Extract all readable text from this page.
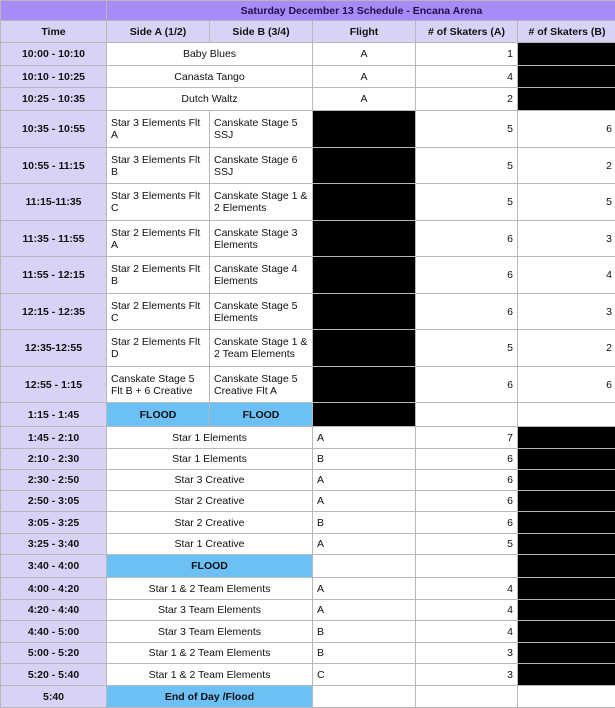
	Saturday December 13 Schedule - Encana Arena				
Time	Side A (1/2)	Side B (3/4)	Flight	# of Skaters (A)	# of Skaters (B)
10:00 - 10:10	Baby Blues		A	1	
10:10 - 10:25	Canasta Tango		A	4	
10:25 - 10:35	Dutch Waltz		A	2	
10:35 - 10:55	Star 3 Elements Flt A	Canskate Stage 5 SSJ		5	6
10:55 - 11:15	Star 3 Elements Flt B	Canskate Stage 6 SSJ		5	2
11:15-11:35	Star 3 Elements Flt C	Canskate Stage 1 & 2 Elements		5	5
11:35 - 11:55	Star 2 Elements Flt A	Canskate Stage 3 Elements		6	3
11:55 - 12:15	Star 2 Elements Flt B	Canskate Stage 4 Elements		6	4
12:15 - 12:35	Star 2 Elements Flt C	Canskate Stage 5 Elements		6	3
12:35-12:55	Star 2 Elements Flt D	Canskate Stage 1 & 2 Team Elements		5	2
12:55 - 1:15	Canskate Stage 5 Flt B + 6 Creative	Canskate Stage 5 Creative Flt A		6	6
1:15 - 1:45	FLOOD	FLOOD			
1:45 - 2:10	Star 1 Elements		A	7	
2:10 - 2:30	Star 1 Elements		B	6	
2:30 - 2:50	Star 3 Creative		A	6	
2:50 - 3:05	Star 2 Creative		A	6	
3:05 - 3:25	Star 2 Creative		B	6	
3:25 - 3:40	Star 1 Creative		A	5	
3:40 - 4:00	FLOOD				
4:00 - 4:20	Star 1 & 2 Team Elements		A	4	
4:20 - 4:40	Star 3 Team Elements		A	4	
4:40 - 5:00	Star 3 Team Elements		B	4	
5:00 - 5:20	Star 1 & 2 Team Elements		B	3	
5:20 - 5:40	Star 1 & 2 Team Elements		C	3	
5:40	End of Day /Flood				
